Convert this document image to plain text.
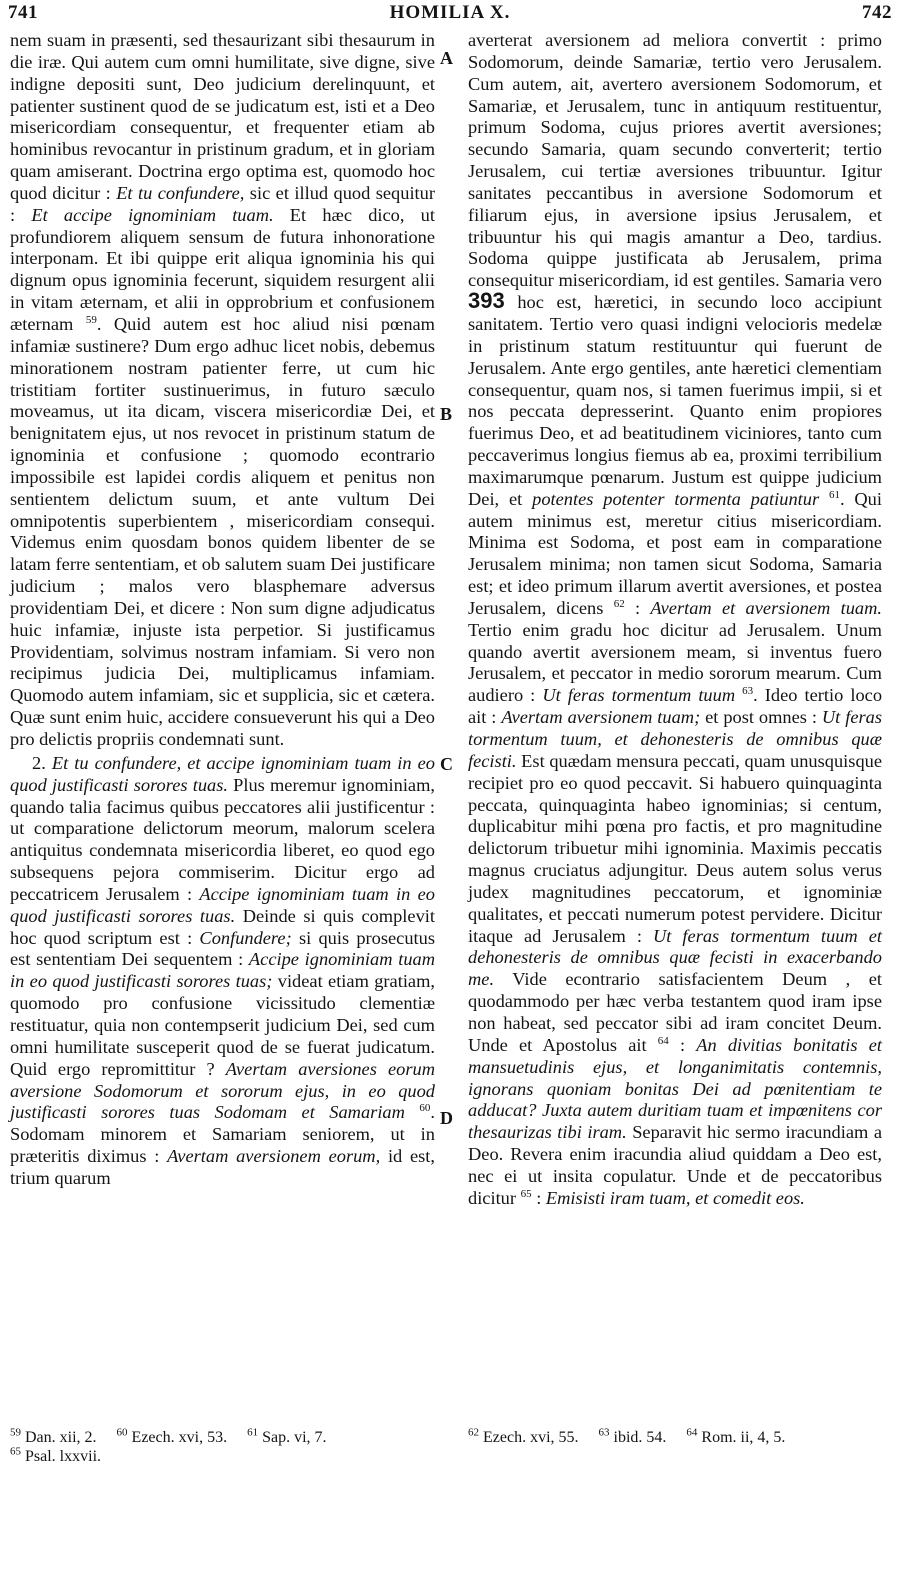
741	HOMILIA X.	742
A
B
C
D

nem suam in præsenti, sed thesaurizant sibi thesaurum in die iræ. Qui autem cum omni humilitate, sive digne, sive indigne depositi sunt, Deo judicium derelinquunt, et patienter sustinent quod de se judicatum est, isti et a Deo misericordiam consequentur, et frequenter etiam ab hominibus revocantur in pristinum gradum, et in gloriam quam amiserant. Doctrina ergo optima est, quomodo hoc quod dicitur : Et tu confundere, sic et illud quod sequitur : Et accipe ignominiam tuam. Et hæc dico, ut profundiorem aliquem sensum de futura inhonoratione interponam. Et ibi quippe erit aliqua ignominia his qui dignum opus ignominia fecerunt, siquidem resurgent alii in vitam æternam, et alii in opprobrium et confusionem æternam $^{59}$. Quid autem est hoc aliud nisi pœnam infamiæ sustinere? Dum ergo adhuc licet nobis, debemus minorationem nostram patienter ferre, ut cum hic tristitiam fortiter sustinuerimus, in futuro sæculo moveamus, ut ita dicam, viscera misericordiæ Dei, et benignitatem ejus, ut nos revocet in pristinum statum de ignominia et confusione ; quomodo econtrario impossibile est lapidei cordis aliquem et penitus non sentientem delictum suum, et ante vultum Dei omnipotentis superbientem , misericordiam consequi. Videmus enim quosdam bonos quidem libenter de se latam ferre sententiam, et ob salutem suam Dei justificare judicium ; malos vero blasphemare adversus providentiam Dei, et dicere : Non sum digne adjudicatus huic infamiæ, injuste ista perpetior. Si justificamus Providentiam, solvimus nostram infamiam. Si vero non recipimus judicia Dei, multiplicamus infamiam. Quomodo autem infamiam, sic et supplicia, sic et cætera. Quæ sunt enim huic, accidere consueverunt his qui a Deo pro delictis propriis condemnati sunt.

2. Et tu confundere, et accipe ignominiam tuam in eo quod justificasti sorores tuas. Plus meremur ignominiam, quando talia facimus quibus peccatores alii justificentur : ut comparatione delictorum meorum, malorum scelera antiquitus condemnata misericordia liberet, eo quod ego subsequens pejora commiserim. Dicitur ergo ad peccatricem Jerusalem : Accipe ignominiam tuam in eo quod justificasti sorores tuas. Deinde si quis complevit hoc quod scriptum est : Confundere; si quis prosecutus est sententiam Dei sequentem : Accipe ignominiam tuam in eo quod justificasti sorores tuas; videat etiam gratiam, quomodo pro confusione vicissitudo clementiæ restituatur, quia non contempserit judicium Dei, sed cum omni humilitate susceperit quod de se fuerat judicatum. Quid ergo repromittitur ? Avertam aversiones eorum aversione Sodomorum et sororum ejus, in eo quod justificasti sorores tuas Sodomam et Samariam $^{60}$. Sodomam minorem et Samariam seniorem, ut in præteritis diximus : Avertam aversionem eorum, id est, trium quarum

averterat aversionem ad meliora convertit : primo Sodomorum, deinde Samariæ, tertio vero Jerusalem. Cum autem, ait, avertero aversionem Sodomorum, et Samariæ, et Jerusalem, tunc in antiquum restituentur, primum Sodoma, cujus priores avertit aversiones; secundo Samaria, quam secundo converterit; tertio Jerusalem, cui tertiæ aversiones tribuuntur. Igitur sanitates peccantibus in aversione Sodomorum et filiarum ejus, in aversione ipsius Jerusalem, et tribuuntur his qui magis amantur a Deo, tardius. Sodoma quippe justificata ab Jerusalem, prima consequitur misericordiam, id est gentiles. Samaria vero 393 hoc est, hæretici, in secundo loco accipiunt sanitatem. Tertio vero quasi indigni velocioris medelæ in pristinum statum restituuntur qui fuerunt de Jerusalem. Ante ergo gentiles, ante hæretici clementiam consequentur, quam nos, si tamen fuerimus impii, si et nos peccata depresserint. Quanto enim propiores fuerimus Deo, et ad beatitudinem viciniores, tanto cum peccaverimus longius fiemus ab ea, proximi terribilium maximarumque pœnarum. Justum est quippe judicium Dei, et potentes potenter tormenta patiuntur $^{61}$. Qui autem minimus est, meretur citius misericordiam. Minima est Sodoma, et post eam in comparatione Jerusalem minima; non tamen sicut Sodoma, Samaria est; et ideo primum illarum avertit aversiones, et postea Jerusalem, dicens $^{62}$ : Avertam et aversionem tuam. Tertio enim gradu hoc dicitur ad Jerusalem. Unum quando avertit aversionem meam, si inventus fuero Jerusalem, et peccator in medio sororum mearum. Cum audiero : Ut feras tormentum tuum $^{63}$. Ideo tertio loco ait : Avertam aversionem tuam; et post omnes : Ut feras tormentum tuum, et dehonesteris de omnibus quæ fecisti. Est quædam mensura peccati, quam unusquisque recipiet pro eo quod peccavit. Si habuero quinquaginta peccata, quinquaginta habeo ignominias; si centum, duplicabitur mihi pœna pro factis, et pro magnitudine delictorum tribuetur mihi ignominia. Maximis peccatis magnus cruciatus adjungitur. Deus autem solus verus judex magnitudines peccatorum, et ignominiæ qualitates, et peccati numerum potest pervidere. Dicitur itaque ad Jerusalem : Ut feras tormentum tuum et dehonesteris de omnibus quæ fecisti in exacerbando me. Vide econtrario satisfacientem Deum , et quodammodo per hæc verba testantem quod iram ipse non habeat, sed peccator sibi ad iram concitet Deum. Unde et Apostolus ait $^{64}$ : An divitias bonitatis et mansuetudinis ejus, et longanimitatis contemnis, ignorans quoniam bonitas Dei ad pœnitentiam te adducat? Juxta autem duritiam tuam et impœnitens cor thesaurizas tibi iram. Separavit hic sermo iracundiam a Deo. Revera enim iracundia aliud quiddam a Deo est, nec ei ut insita copulatur. Unde et de peccatoribus dicitur $^{65}$ : Emisisti iram tuam, et comedit eos.

$^{59}$ Dan. xii, 2. $^{60}$ Ezech. xvi, 53. $^{61}$ Sap. vi, 7.
$^{65}$ Psal. lxxvii.
$^{62}$ Ezech. xvi, 55. $^{63}$ ibid. 54. $^{64}$ Rom. ii, 4, 5.
